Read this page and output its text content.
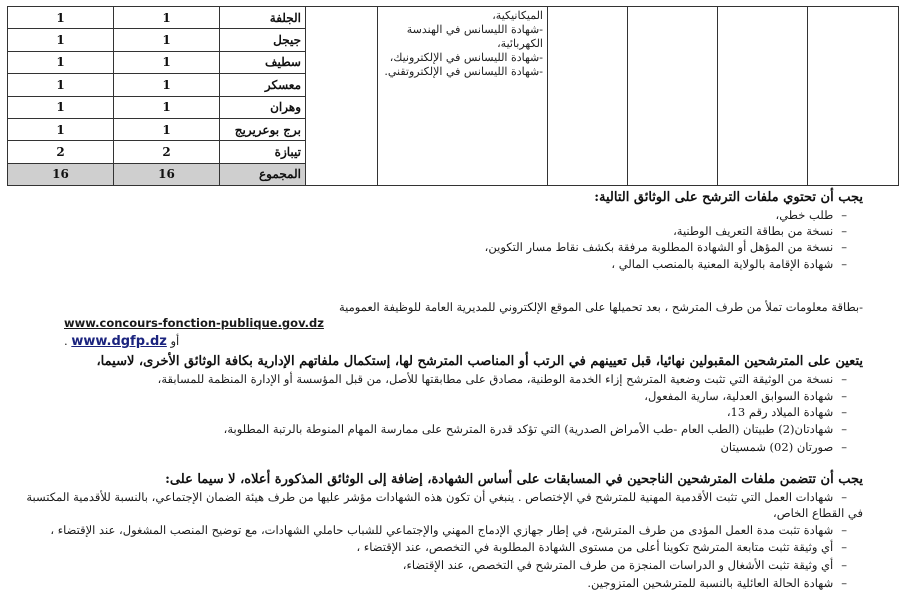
1	1	الجلفة		الميكانيكية،
-شهادة الليسانس في الهندسة
الكهربائية،
-شهادة الليسانس في الإلكترونيك،
-شهادة الليسانس في الإلكتروتقني.				

1	1	جيجل						
1	1	سطيف						
1	1	معسكر						
1	1	وهران						
1	1	برج بوعريريج						
2	2	تيبازة						
16	16	المجموع						
يجب أن تحتوي ملفات الترشح على الوثائق التالية:
–طلب خطي،
–نسخة من بطاقة التعريف الوطنية،
–نسخة من المؤهل أو الشهادة المطلوبة مرفقة بكشف نقاط مسار التكوين،
–شهادة الإقامة بالولاية المعنية بالمنصب المالي ،
-بطاقة معلومات تملأ من طرف المترشح ، بعد تحميلها على الموقع الإلكتروني للمديرية العامة للوظيفة العمومية
www.concours-fonction-publique.gov.dz
أو www.dgfp.dz .
يتعين على المترشحين المقبولين نهائيا، قبل تعيينهم في الرتب أو المناصب المترشح لها، إستكمال ملفاتهم الإدارية بكافة الوثائق الأخرى، لاسيما،
–نسخة من الوثيقة التي تثبت وضعية المترشح إزاء الخدمة الوطنية، مصادق على مطابقتها للأصل، من قبل المؤسسة أو الإدارة المنظمة للمسابقة،
–شهادة السوابق العدلية، سارية المفعول،
–شهادة الميلاد رقم 13،
–شهادتان(2) طبيتان (الطب العام -طب الأمراض الصدرية) التي تؤكد قدرة المترشح على ممارسة المهام المنوطة بالرتبة المطلوبة،
–صورتان (02) شمسيتان
يجب أن تتضمن ملفات المترشحين الناجحين في المسابقات على أساس الشهادة، إضافة إلى الوثائق المذكورة أعلاه، لا سيما على:
–شهادات العمل التي تثبت الأقدمية المهنية للمترشح في الإختصاص . ينبغي أن تكون هذه الشهادات مؤشر عليها من طرف هيئة الضمان الإجتماعي، بالنسبة للأقدمية المكتسبة
في القطاع الخاص،
–شهادة تثبت مدة العمل المؤدى من طرف المترشح، في إطار جهازي الإدماج المهني والإجتماعي للشباب حاملي الشهادات، مع توضيح المنصب المشغول، عند الإقتضاء ،
–أي وثيقة تثبت متابعة المترشح تكوينا أعلى من مستوى الشهادة المطلوبة في التخصص، عند الإقتضاء ،
–أي وثيقة تثبت الأشغال و الدراسات المنجزة من طرف المترشح في التخصص، عند الإقتضاء،
–شهادة الحالة العائلية بالنسبة للمترشحين المتزوجين.
